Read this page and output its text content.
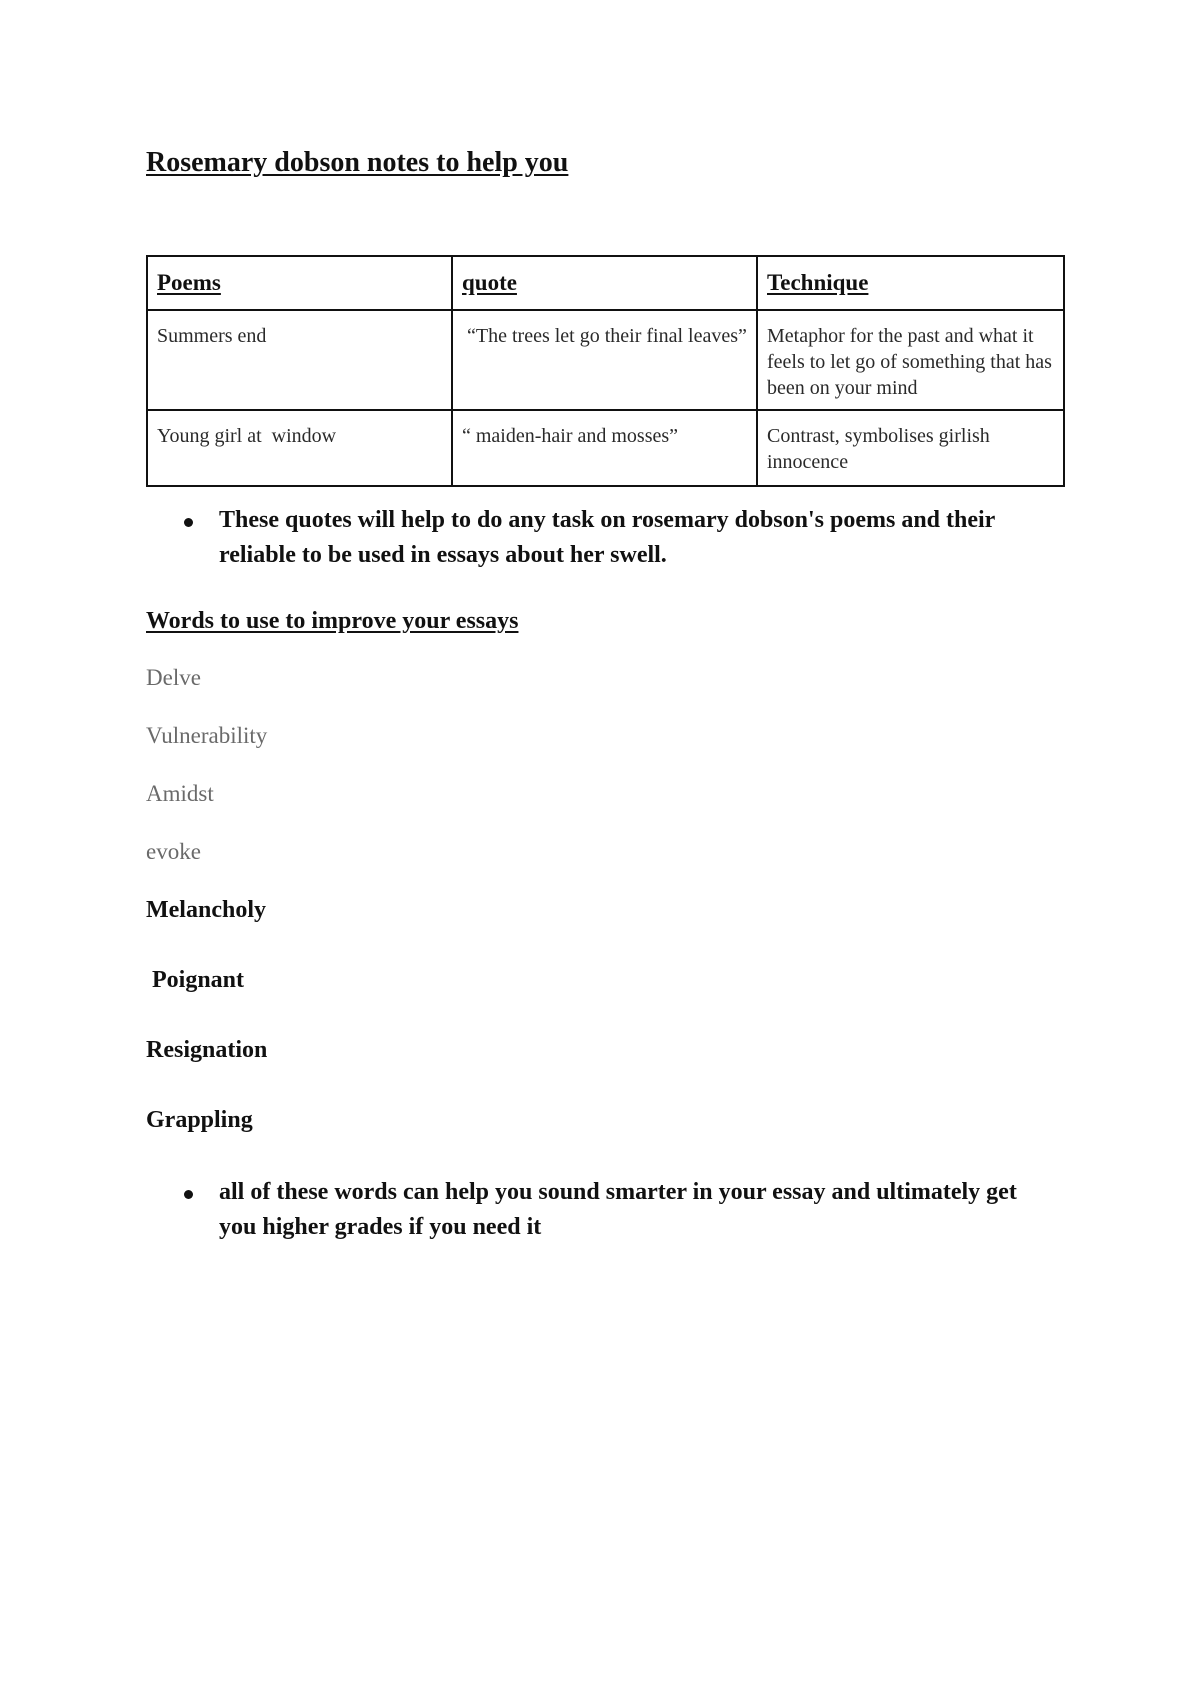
Rosemary dobson notes to help you
Poems	quote	Technique
Summers end	“The trees let go their final leaves”	Metaphor for the past and what it feels to let go of something that has been on your mind
Young girl at  window	“ maiden-hair and mosses”	Contrast, symbolises girlish innocence
These quotes will help to do any task on rosemary dobson's poems and their reliable to be used in essays about her swell.
Words to use to improve your essays

Delve

Vulnerability

Amidst

evoke

Melancholy

Poignant

Resignation

Grappling

all of these words can help you sound smarter in your essay and ultimately get you higher grades if you need it
